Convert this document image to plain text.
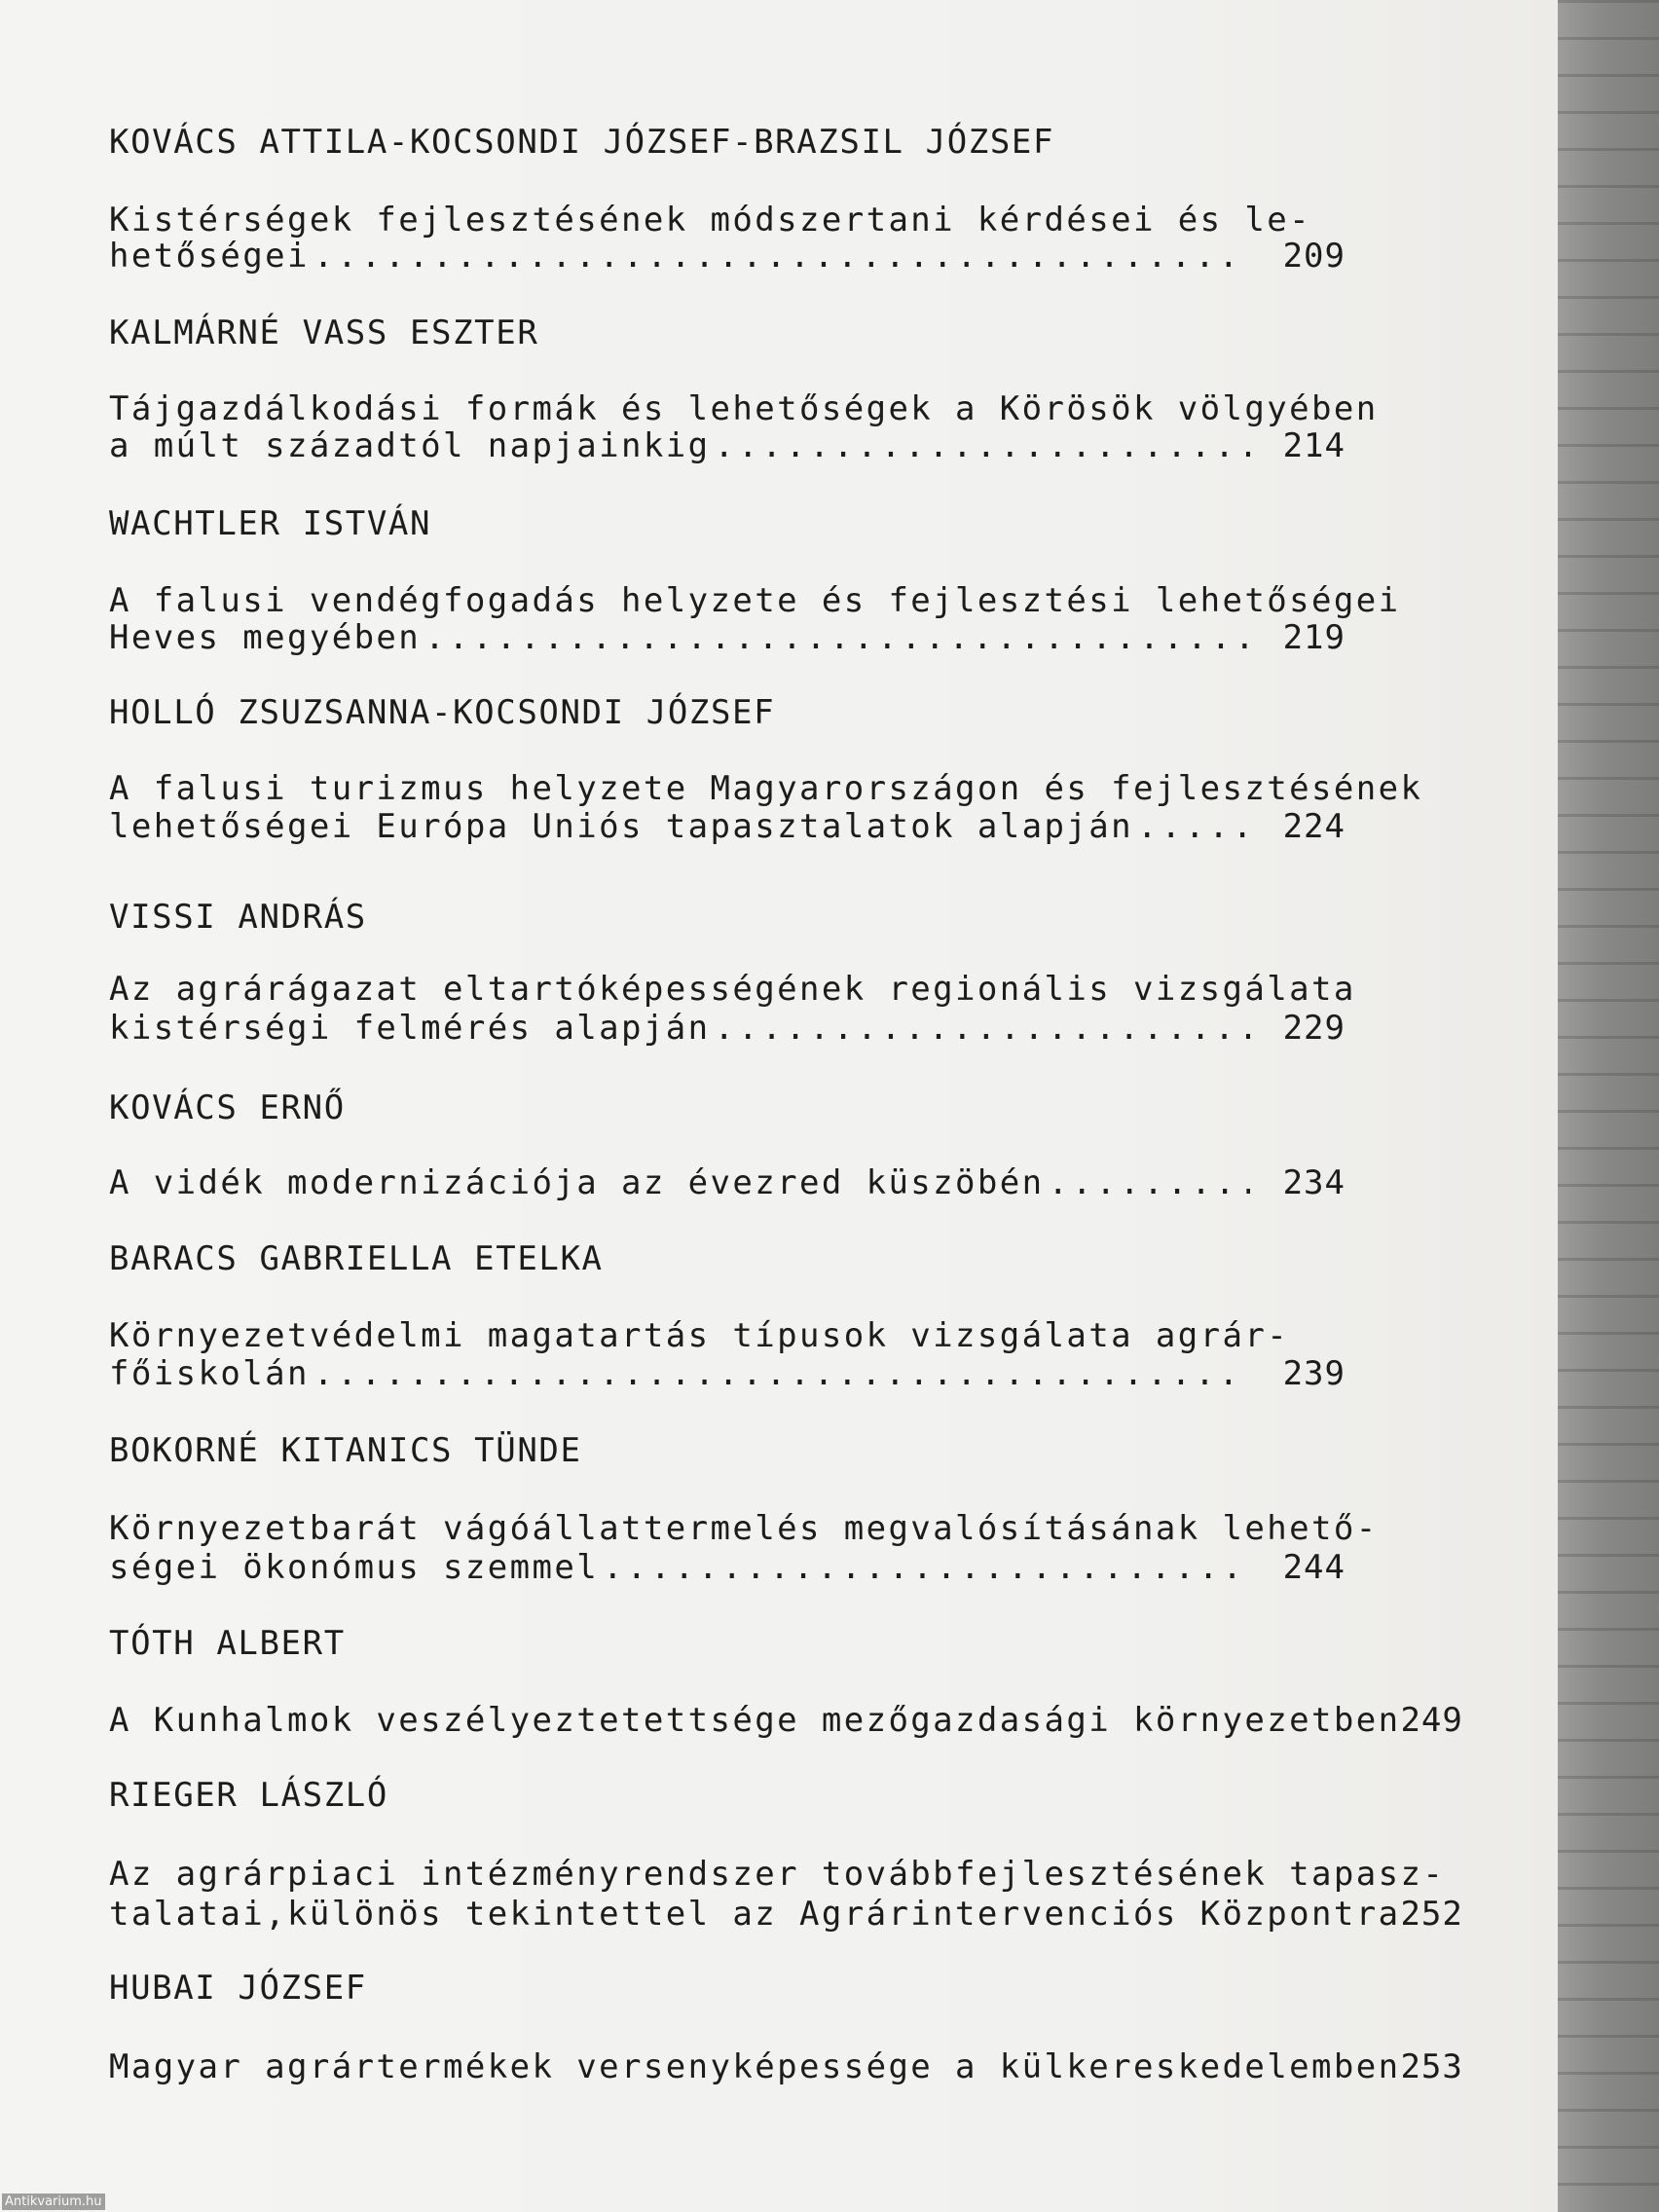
KOVÁCS ATTILA-KOCSONDI JÓZSEF-BRAZSIL JÓZSEF
Kistérségek fejlesztésének módszertani kérdései és le-
hetőségei .....	209
KALMÁRNÉ VASS ESZTER
Tájgazdálkodási formák és lehetőségek a Körösök völgyében
a múlt századtól napjainkig .....	214
WACHTLER ISTVÁN
A falusi vendégfogadás helyzete és fejlesztési lehetőségei
Heves megyében .....	219
HOLLÓ ZSUZSANNA-KOCSONDI JÓZSEF
A falusi turizmus helyzete Magyarországon és fejlesztésének
lehetőségei Európa Uniós tapasztalatok alapján .....	224
VISSI ANDRÁS
Az agrárágazat eltartóképességének regionális vizsgálata
kistérségi felmérés alapján .....	229
KOVÁCS ERNŐ
A vidék modernizációja az évezred küszöbén .....	234
BARACS GABRIELLA ETELKA
Környezetvédelmi magatartás típusok vizsgálata agrár-
főiskolán .....	239
BOKORNÉ KITANICS TÜNDE
Környezetbarát vágóállattermelés megvalósításának lehető-
ségei ökonómus szemmel .....	244
TÓTH ALBERT
A Kunhalmok veszélyeztetettsége mezőgazdasági környezetben 249
RIEGER LÁSZLÓ
Az agrárpiaci intézményrendszer továbbfejlesztésének tapasz-
talatai,különös tekintettel az Agrárintervenciós Központra 252
HUBAI JÓZSEF
Magyar agrártermékek versenyképessége a külkereskedelemben 253
Antikvarium.hu
